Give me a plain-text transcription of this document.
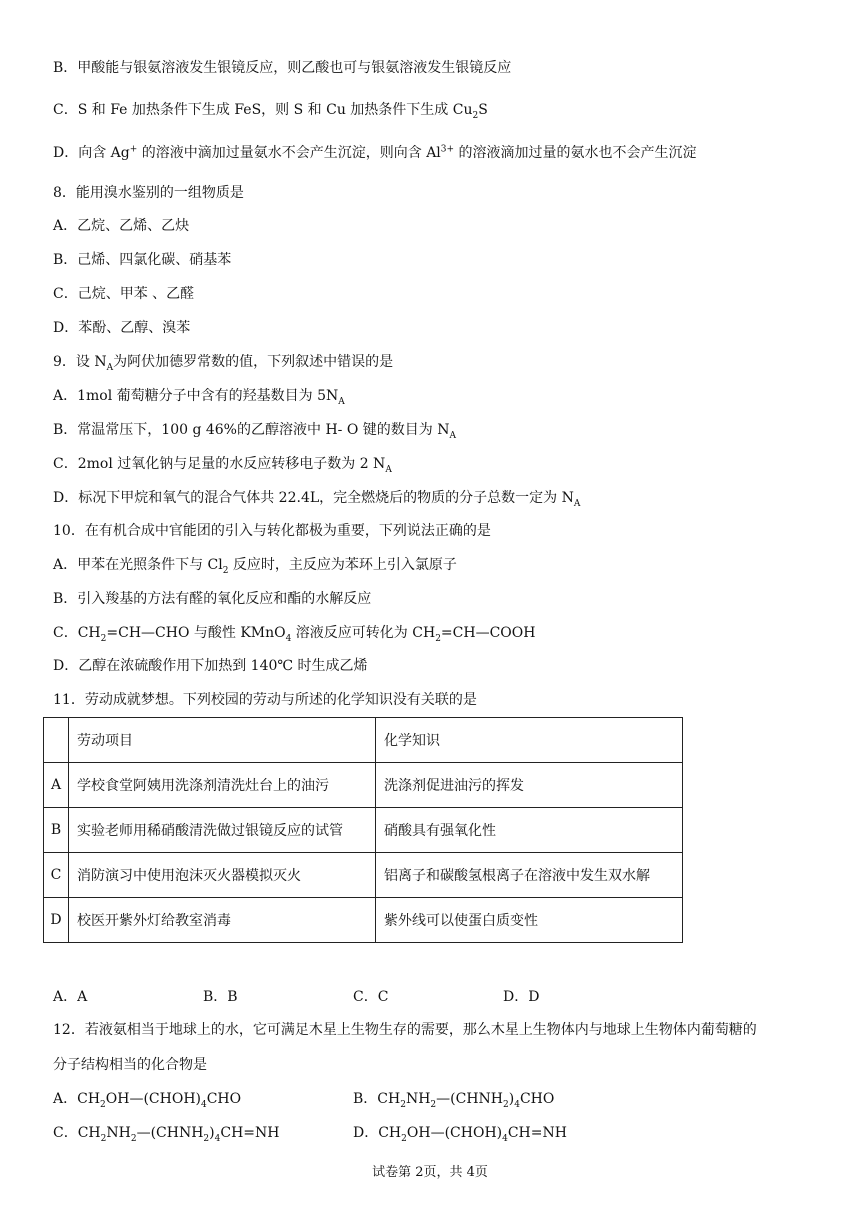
B．甲酸能与银氨溶液发生银镜反应，则乙酸也可与银氨溶液发生银镜反应
C．S 和 Fe 加热条件下生成 FeS，则 S 和 Cu 加热条件下生成 $Cu_2S$
D．向含 Ag+ 的溶液中滴加过量氨水不会产生沉淀，则向含 $Al^{3+}$ 的溶液滴加过量的氨水也不会产生沉淀
8．能用溴水鉴别的一组物质是
A．乙烷、乙烯、乙炔
B．己烯、四氯化碳、硝基苯
C．己烷、甲苯 、乙醛
D．苯酚、乙醇、溴苯
9．设 $N_A$为阿伏加德罗常数的值，下列叙述中错误的是
A．1mol 葡萄糖分子中含有的羟基数目为 $5N_A$
B．常温常压下，100 g 46%的乙醇溶液中 H- O 键的数目为 $N_A$
C．2mol 过氧化钠与足量的水反应转移电子数为 2 $N_A$
D．标况下甲烷和氧气的混合气体共 22.4L，完全燃烧后的物质的分子总数一定为 $N_A$
10．在有机合成中官能团的引入与转化都极为重要，下列说法正确的是
A．甲苯在光照条件下与 $Cl_2$ 反应时，主反应为苯环上引入氯原子
B．引入羧基的方法有醛的氧化反应和酯的水解反应
C．$CH_2=CH—CHO$ 与酸性 KMnO$_4$ 溶液反应可转化为 $CH_2=CH—COOH$
D．乙醇在浓硫酸作用下加热到 140℃ 时生成乙烯
11．劳动成就梦想。下列校园的劳动与所述的化学知识没有关联的是
	劳动项目	化学知识
A	学校食堂阿姨用洗涤剂清洗灶台上的油污	洗涤剂促进油污的挥发
B	实验老师用稀硝酸清洗做过银镜反应的试管	硝酸具有强氧化性
C	消防演习中使用泡沫灭火器模拟灭火	铝离子和碳酸氢根离子在溶液中发生双水解
D	校医开紫外灯给教室消毒	紫外线可以使蛋白质变性
A．A	B．B	C．C	D．D
12．若液氨相当于地球上的水，它可满足木星上生物生存的需要，那么木星上生物体内与地球上生物体内葡萄糖的
分子结构相当的化合物是
A．$CH_2OH—(CHOH)_4CHO$	B．$CH_2NH_2—(CHNH_2)_4CHO$
C．$CH_2NH_2—(CHNH_2)_4CH=NH$	D．$CH_2OH—(CHOH)_4CH=NH$
试卷第 2页，共 4页
